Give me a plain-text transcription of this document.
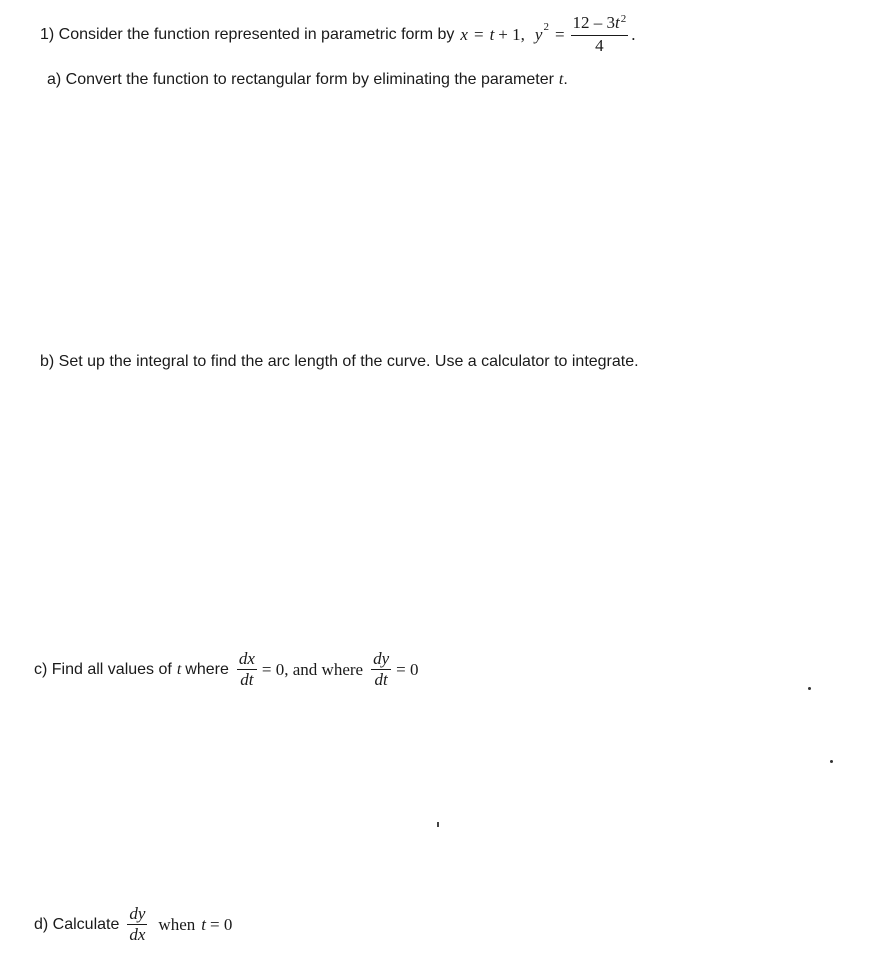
1) Consider the function represented in parametric form by x = t + 1, y $2 = \frac{12 - 3t^2}{4}$ .
a) Convert the function to rectangular form by eliminating the parameter t .
b) Set up the integral to find the arc length of the curve. Use a calculator to integrate.
c) Find all values of t where $\frac{dx}{dt} = 0$, and where $\frac{dy}{dt} = 0$
d) Calculate $\frac{dy}{dx}$ when t = 0
